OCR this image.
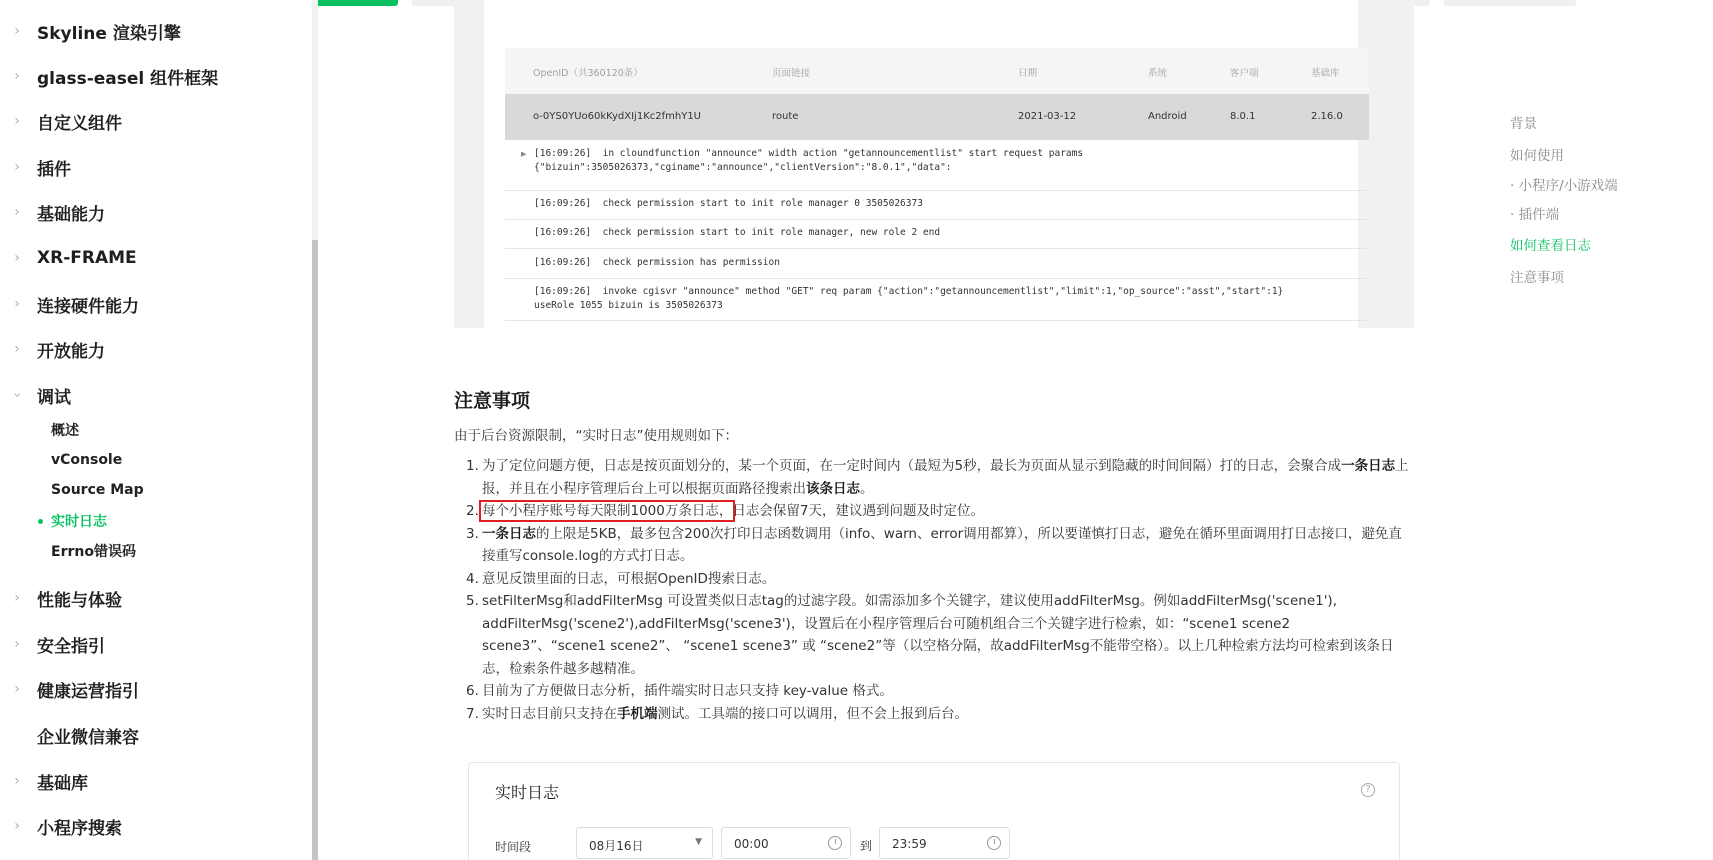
› Skyline 渲染引擎
› glass-easel 组件框架
› 自定义组件
› 插件
› 基础能力
› XR-FRAME
› 连接硬件能力
› 开放能力
› 调试
概述
vConsole
Source Map
实时日志
Errno错误码
› 性能与体验
› 安全指引
› 健康运营指引
企业微信兼容
› 基础库
› 小程序搜索
OpenID（共360120条）	页面链接	日期	系统	客户端	基础库
o-0YS0YUo60kKydXIj1Kc2fmhY1U	route	2021-03-12	Android	8.0.1	2.16.0
▶ [16:09:26]  in cloundfunction "announce" width action "getannouncementlist" start request params
{"bizuin":3505026373,"cginame":"announce","clientVersion":"8.0.1","data":
[16:09:26]  check permission start to init role manager 0 3505026373
[16:09:26]  check permission start to init role manager, new role 2 end
[16:09:26]  check permission has permission
[16:09:26]  invoke cgisvr "announce" method "GET" req param {"action":"getannouncementlist","limit":1,"op_source":"asst","start":1}
useRole 1055 bizuin is 3505026373
注意事项

由于后台资源限制，“实时日志”使用规则如下：

1. 为了定位问题方便，日志是按页面划分的，某一个页面，在一定时间内（最短为5秒，最长为页面从显示到隐藏的时间间隔）打的日志，会聚合成一条日志上报，并且在小程序管理后台上可以根据页面路径搜索出该条日志。
2. 每个小程序账号每天限制1000万条日志，日志会保留7天，建议遇到问题及时定位。
3. 一条日志的上限是5KB，最多包含200次打印日志函数调用（info、warn、error调用都算），所以要谨慎打日志，避免在循环里面调用打日志接口，避免直接重写console.log的方式打日志。
4. 意见反馈里面的日志，可根据OpenID搜索日志。
5. setFilterMsg和addFilterMsg 可设置类似日志tag的过滤字段。如需添加多个关键字，建议使用addFilterMsg。例如addFilterMsg('scene1'), addFilterMsg('scene2'),addFilterMsg('scene3')，设置后在小程序管理后台可随机组合三个关键字进行检索，如：“scene1 scene2 scene3”、“scene1 scene2”、 “scene1 scene3” 或 “scene2”等（以空格分隔，故addFilterMsg不能带空格）。以上几种检索方法均可检索到该条日志，检索条件越多越精准。
6. 目前为了方便做日志分析，插件端实时日志只支持 key-value 格式。
7. 实时日志目前只支持在手机端测试。工具端的接口可以调用，但不会上报到后台。
背景
如何使用
· 小程序/小游戏端
· 插件端
如何查看日志
注意事项
实时日志	?
时间段	08月16日	▼	00:00	到 23:59
